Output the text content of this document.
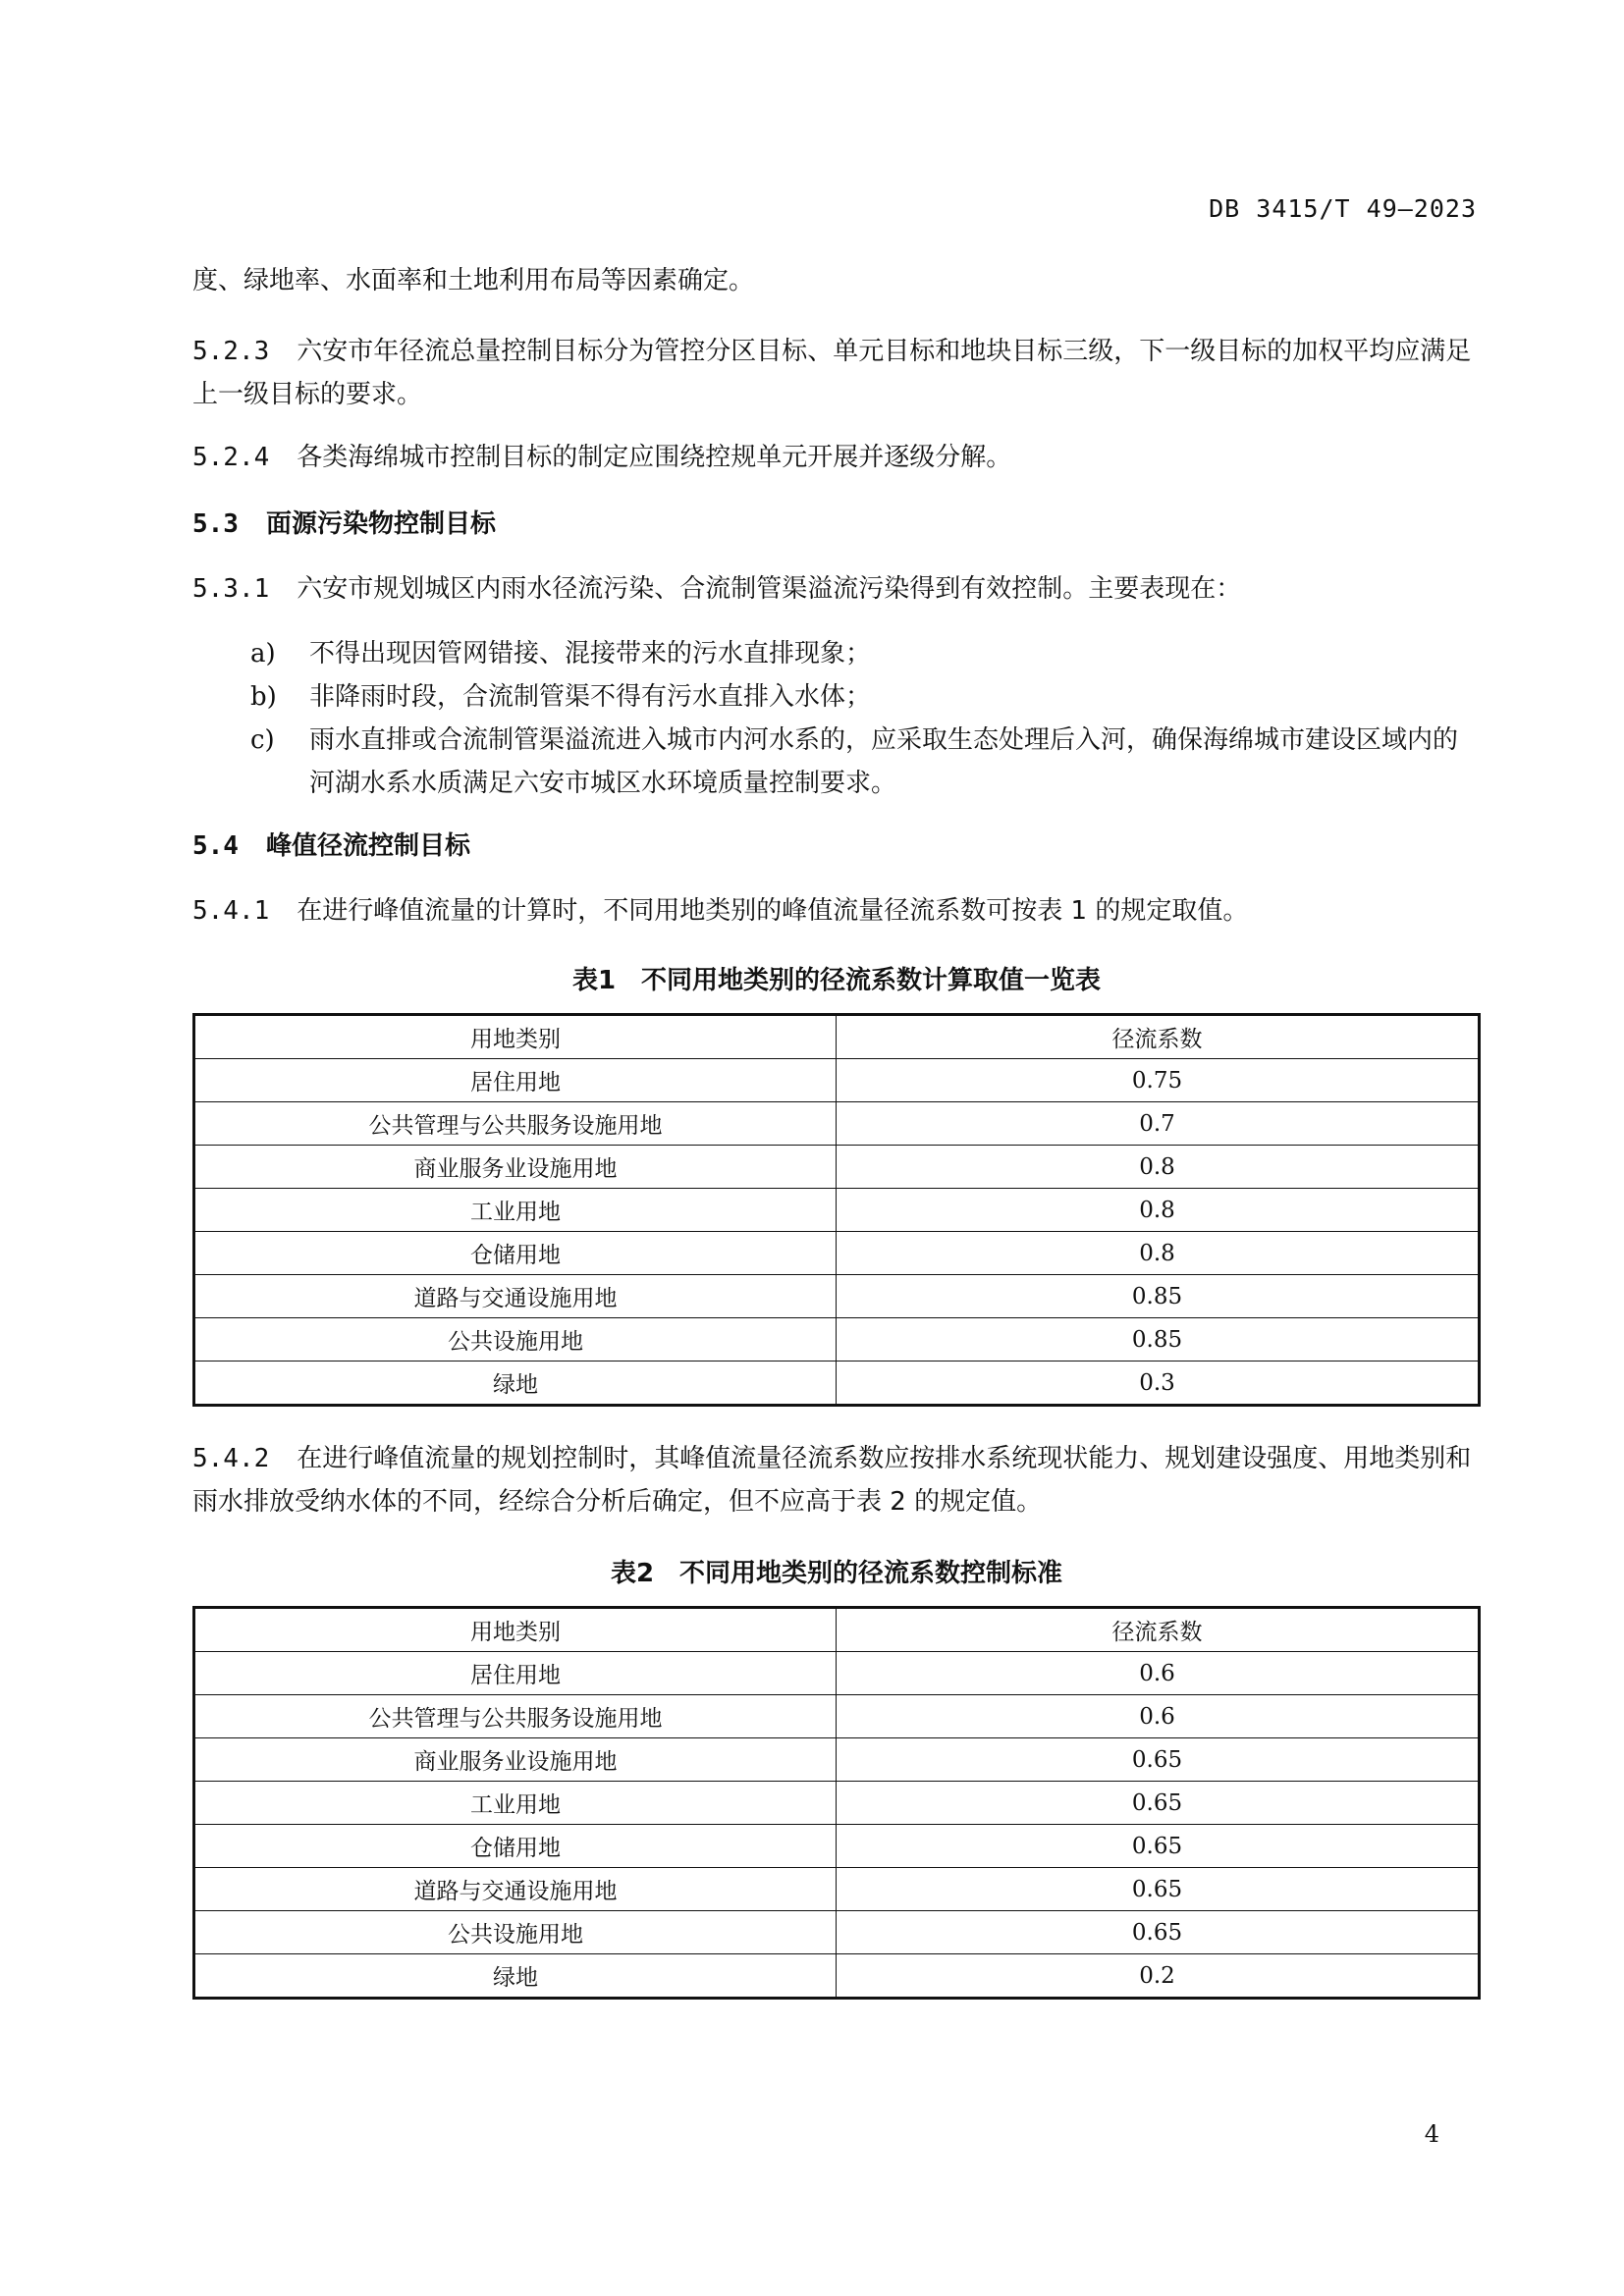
DB 3415/T 49—2023
度、绿地率、水面率和土地利用布局等因素确定。
5.2.3 六安市年径流总量控制目标分为管控分区目标、单元目标和地块目标三级，下一级目标的加权平均应满足上一级目标的要求。
5.2.4 各类海绵城市控制目标的制定应围绕控规单元开展并逐级分解。
5.3 面源污染物控制目标
5.3.1 六安市规划城区内雨水径流污染、合流制管渠溢流污染得到有效控制。主要表现在：
a)	不得出现因管网错接、混接带来的污水直排现象；
b)	非降雨时段，合流制管渠不得有污水直排入水体；
c)	雨水直排或合流制管渠溢流进入城市内河水系的，应采取生态处理后入河，确保海绵城市建设区域内的河湖水系水质满足六安市城区水环境质量控制要求。
5.4 峰值径流控制目标
5.4.1 在进行峰值流量的计算时，不同用地类别的峰值流量径流系数可按表 1 的规定取值。
表1　不同用地类别的径流系数计算取值一览表
用地类别	径流系数
居住用地	0.75
公共管理与公共服务设施用地	0.7
商业服务业设施用地	0.8
工业用地	0.8
仓储用地	0.8
道路与交通设施用地	0.85
公共设施用地	0.85
绿地	0.3
5.4.2 在进行峰值流量的规划控制时，其峰值流量径流系数应按排水系统现状能力、规划建设强度、用地类别和雨水排放受纳水体的不同，经综合分析后确定，但不应高于表 2 的规定值。
表2　不同用地类别的径流系数控制标准
用地类别	径流系数
居住用地	0.6
公共管理与公共服务设施用地	0.6
商业服务业设施用地	0.65
工业用地	0.65
仓储用地	0.65
道路与交通设施用地	0.65
公共设施用地	0.65
绿地	0.2
4
